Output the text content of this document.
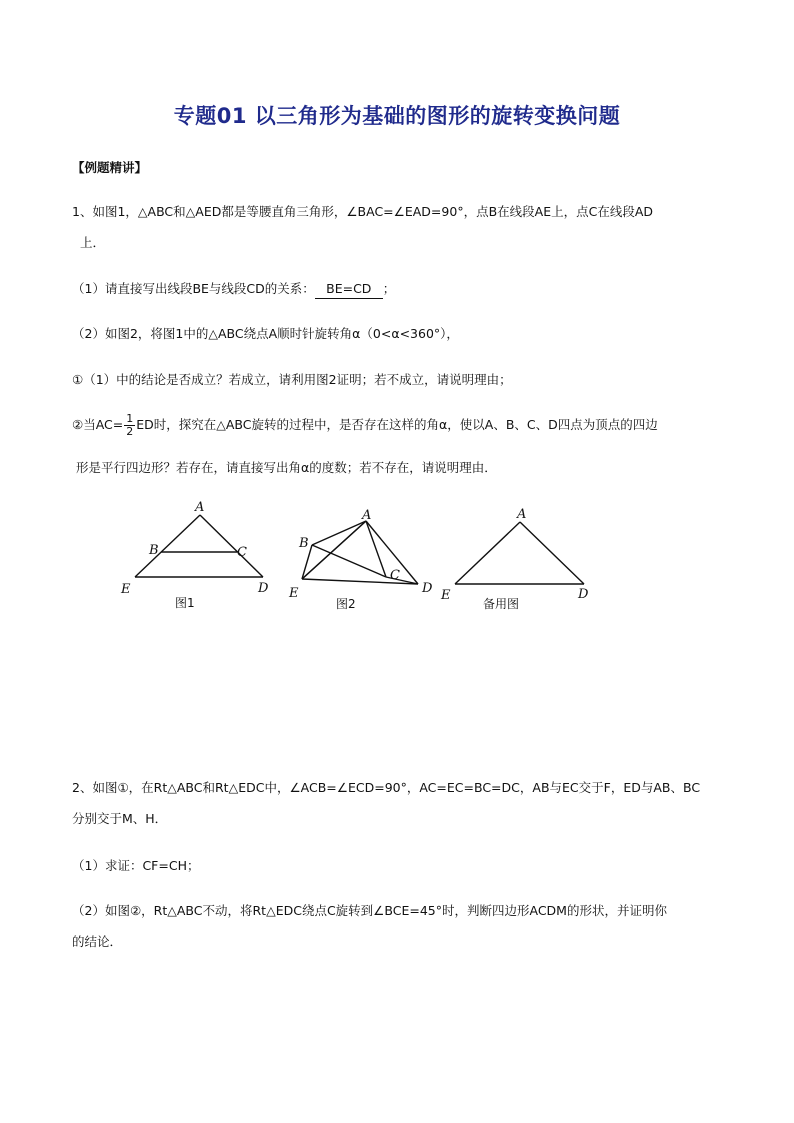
专题01 以三角形为基础的图形的旋转变换问题
【例题精讲】
1、如图1，△ABC和△AED都是等腰直角三角形，∠BAC=∠EAD=90°，点B在线段AE上，点C在线段AD
上．
（1）请直接写出线段BE与线段CD的关系： BE=CD ；
（2）如图2，将图1中的△ABC绕点A顺时针旋转角α（0<α<360°），
①（1）中的结论是否成立？若成立，请利用图2证明；若不成立，请说明理由；
②当$AC= \frac{1}{2}$ ED时，探究在△ABC旋转的过程中，是否存在这样的角α，使以A、B、C、D四点为顶点的四边
形是平行四边形？若存在，请直接写出角α的度数；若不存在，请说明理由．
A
B	C
E	D
图1
A
B
C
E	D
图2
A
E	D
备用图
2、如图①，在Rt△ABC和Rt△EDC中，∠ACB=∠ECD=90°，AC=EC=BC=DC，AB与EC交于F，ED与AB、BC
分别交于M、H．
（1）求证：CF=CH；
（2）如图②，Rt△ABC不动，将Rt△EDC绕点C旋转到∠BCE=45°时，判断四边形ACDM的形状，并证明你
的结论．
